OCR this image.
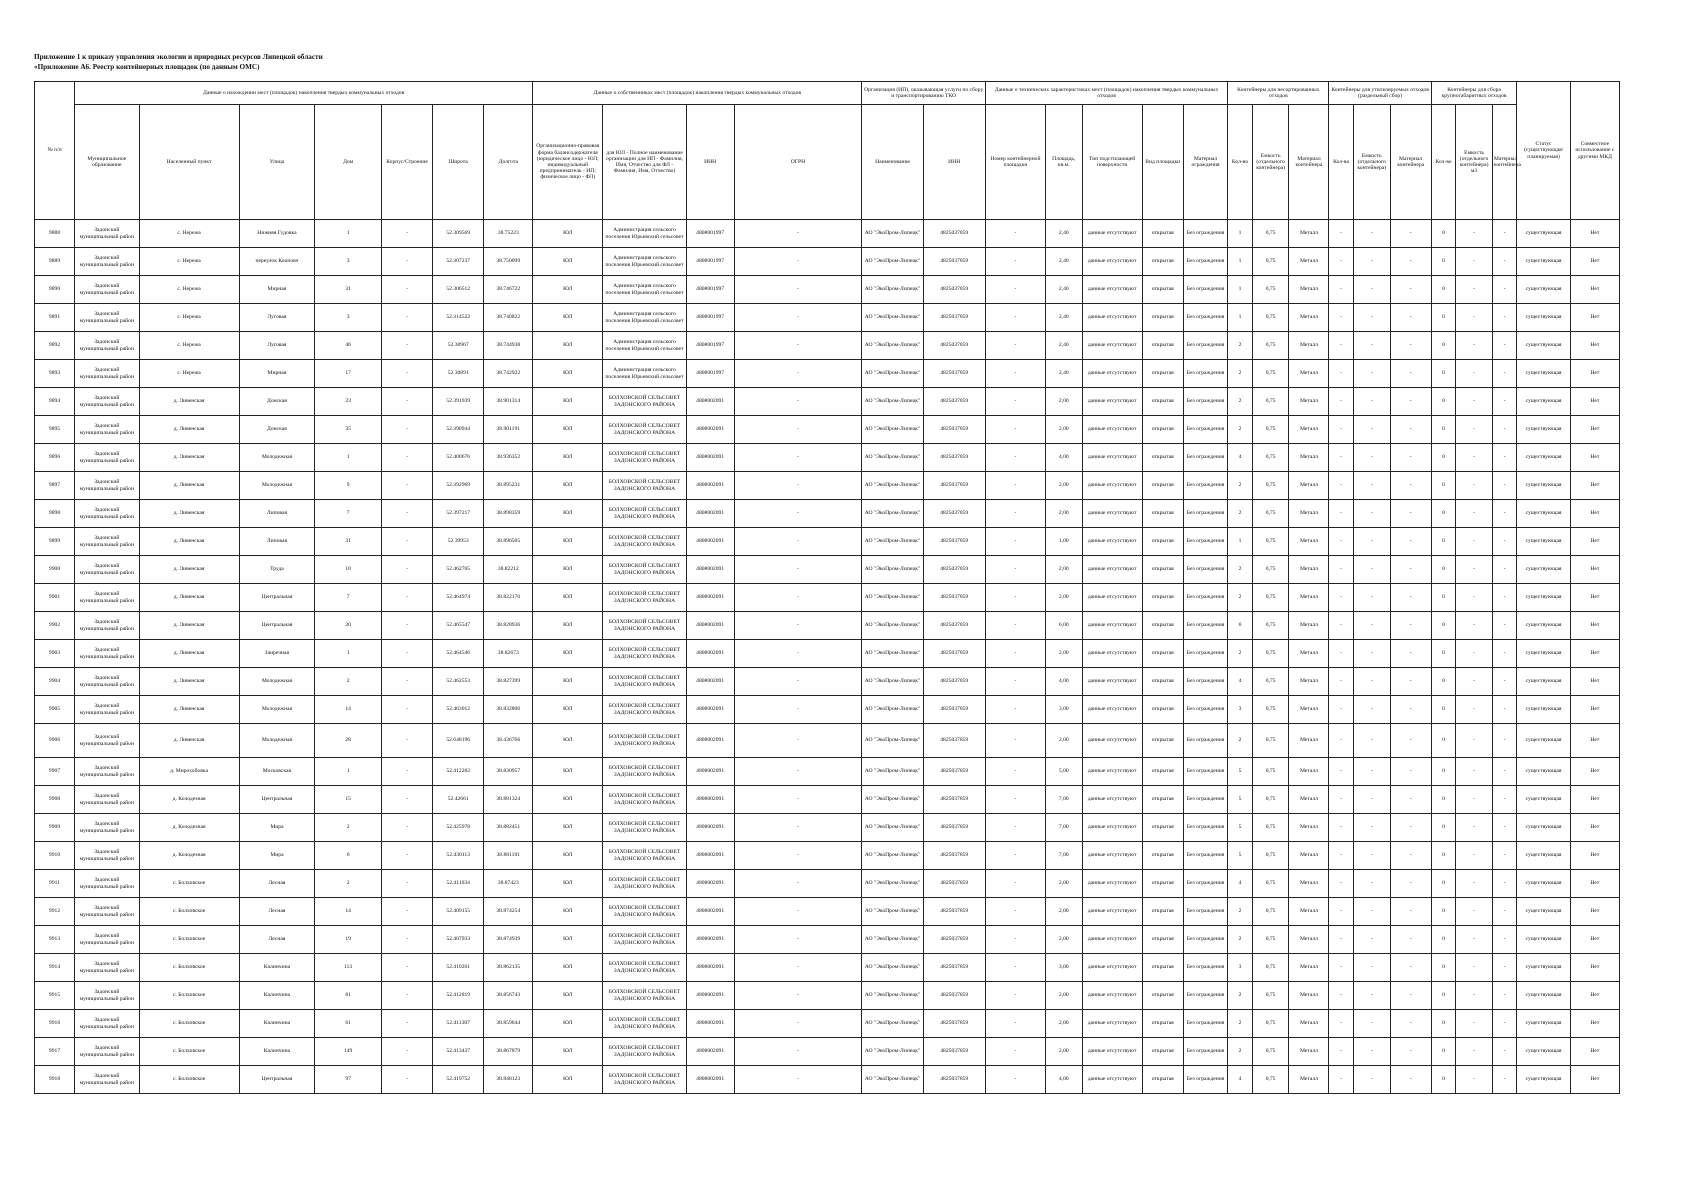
Приложение 1 к приказу управления экологии и природных ресурсов Липецкой области
«Приложение А6. Реестр контейнерных площадок (по данным ОМС)
№ п/п	Данные о нахождении мест (площадок) накопления твердых коммунальных отходов							Данные о собственниках мест (площадок) накопления твердых коммунальных отходов				Организация (ИП), оказывающая услуги по сбору и транспортированию ТКО		Данные о технических характеристиках мест (площадок) накопления твердых коммунальных отходов					Контейнеры для несортированных отходов			Контейнеры для утилизируемых отходов (раздельный сбор)			Контейнеры для сбора крупногабаритных отходов			Статус (существующая/ планируемая)	Совместное использование с другими МКД
	Муниципальное образование	Населенный пункт	Улица	Дом	Корпус/Строение	Широта	Долгота	Организационно-правовая форма балансодержателя (юридическое лицо - ЮЛ; индивидуальный предприниматель - ИП; физическое лицо - ФЛ)	для ЮЛ - Полное наименование организации для ИП - Фамилия, Имя, Отчество для ФЛ - Фамилия, Имя, Отчество)	ИНН	ОГРН	Наименование	ИНН	Номер контейнерной площадки	Площадь, кв.м.	Тип подстилающей поверхности	Вид площадки	Материал ограждения	Кол-во	Емкость (отдельного контейнера)	Материал контейнера	Кол-во	Емкость (отдельного контейнера)	Материал контейнера	Кол-во	Емкость (отдельного контейнера) м3	Материал контейнера		
9888	Задонский муниципальный район	с. Нережа	Нижняя Гудовка	1	-	52.309569	38.75223	ЮЛ	Администрация сельского поселения Юрьевский сельсовет	4808001997	-	АО "ЭкоПром-Липецк"	4825037859	-	2,40	данные отсутствуют	открытая	Без ограждения	1	0,75	Металл	-	-	-	0	-	-	существующая	Нет
9889	Задонский муниципальный район	с. Нережа	переулок Кооповч	3	-	52.307237	38.750099	ЮЛ	Администрация сельского поселения Юрьевский сельсовет	4808001997	-	АО "ЭкоПром-Липецк"	4825037859	-	2,40	данные отсутствуют	открытая	Без ограждения	1	0,75	Металл	-	-	-	0	-	-	существующая	Нет
9890	Задонский муниципальный район	с. Нережа	Мирная	31	-	52.306512	38.746722	ЮЛ	Администрация сельского поселения Юрьевский сельсовет	4808001997	-	АО "ЭкоПром-Липецк"	4825037859	-	2,40	данные отсутствуют	открытая	Без ограждения	1	0,75	Металл	-	-	-	0	-	-	существующая	Нет
9891	Задонский муниципальный район	с. Нережа	Луговая	3	-	52.314522	38.740822	ЮЛ	Администрация сельского поселения Юрьевский сельсовет	4808001997	-	АО "ЭкоПром-Липецк"	4825037859	-	2,40	данные отсутствуют	открытая	Без ограждения	1	0,75	Металл	-	-	-	0	-	-	существующая	Нет
9892	Задонский муниципальный район	с. Нережа	Луговая	46	-	52.30967	38.744938	ЮЛ	Администрация сельского поселения Юрьевский сельсовет	4808001997	-	АО "ЭкоПром-Липецк"	4825037859	-	2,40	данные отсутствуют	открытая	Без ограждения	2	0,75	Металл	-	-	-	0	-	-	существующая	Нет
9893	Задонский муниципальный район	с. Нережа	Мирная	17	-	52.30891	38.742922	ЮЛ	Администрация сельского поселения Юрьевский сельсовет	4808001997	-	АО "ЭкоПром-Липецк"	4825037859	-	2,40	данные отсутствуют	открытая	Без ограждения	2	0,75	Металл	-	-	-	0	-	-	существующая	Нет
9894	Задонский муниципальный район	д. Ливенская	Донская	23	-	52.391939	38.901314	ЮЛ	БОЛХОВСКОЙ СЕЛЬСОВЕТ ЗАДОНСКОГО РАЙОНА	4808002091	-	АО "ЭкоПром-Липецк"	4825037859	-	2,00	данные отсутствуют	открытая	Без ограждения	2	0,75	Металл	-	-	-	0	-	-	существующая	Нет
9895	Задонский муниципальный район	д. Ливенская	Донская	35	-	52.390944	38.901191	ЮЛ	БОЛХОВСКОЙ СЕЛЬСОВЕТ ЗАДОНСКОГО РАЙОНА	4808002091	-	АО "ЭкоПром-Липецк"	4825037859	-	2,00	данные отсутствуют	открытая	Без ограждения	2	0,75	Металл	-	-	-	0	-	-	существующая	Нет
9896	Задонский муниципальный район	д. Ливенская	Молодежная	1	-	52.400676	38.936352	ЮЛ	БОЛХОВСКОЙ СЕЛЬСОВЕТ ЗАДОНСКОГО РАЙОНА	4808002091	-	АО "ЭкоПром-Липецк"	4825037859	-	4,00	данные отсутствуют	открытая	Без ограждения	4	0,75	Металл	-	-	-	0	-	-	существующая	Нет
9897	Задонский муниципальный район	д. Ливенская	Молодежная	9	-	52.392969	38.895231	ЮЛ	БОЛХОВСКОЙ СЕЛЬСОВЕТ ЗАДОНСКОГО РАЙОНА	4808002091	-	АО "ЭкоПром-Липецк"	4825037859	-	2,00	данные отсутствуют	открытая	Без ограждения	2	0,75	Металл	-	-	-	0	-	-	существующая	Нет
9898	Задонский муниципальный район	д. Ливенская	Липовая	7	-	52.397217	38.898359	ЮЛ	БОЛХОВСКОЙ СЕЛЬСОВЕТ ЗАДОНСКОГО РАЙОНА	4808002091	-	АО "ЭкоПром-Липецк"	4825037859	-	2,00	данные отсутствуют	открытая	Без ограждения	2	0,75	Металл	-	-	-	0	-	-	существующая	Нет
9899	Задонский муниципальный район	д. Ливенская	Липовая	31	-	52.39953	38.896505	ЮЛ	БОЛХОВСКОЙ СЕЛЬСОВЕТ ЗАДОНСКОГО РАЙОНА	4808002091	-	АО "ЭкоПром-Липецк"	4825037859	-	1,00	данные отсутствуют	открытая	Без ограждения	1	0,75	Металл	-	-	-	0	-	-	существующая	Нет
9900	Задонский муниципальный район	д. Ливенская	Труда	10	-	52.462765	38.82212	ЮЛ	БОЛХОВСКОЙ СЕЛЬСОВЕТ ЗАДОНСКОГО РАЙОНА	4808002091	-	АО "ЭкоПром-Липецк"	4825037859	-	2,00	данные отсутствуют	открытая	Без ограждения	2	0,75	Металл	-	-	-	0	-	-	существующая	Нет
9901	Задонский муниципальный район	д. Ливенская	Центральная	7	-	52.464974	38.822176	ЮЛ	БОЛХОВСКОЙ СЕЛЬСОВЕТ ЗАДОНСКОГО РАЙОНА	4808002091	-	АО "ЭкоПром-Липецк"	4825037859	-	2,00	данные отсутствуют	открытая	Без ограждения	2	0,75	Металл	-	-	-	0	-	-	существующая	Нет
9902	Задонский муниципальный район	д. Ливенская	Центральная	20	-	52.465547	38.828936	ЮЛ	БОЛХОВСКОЙ СЕЛЬСОВЕТ ЗАДОНСКОГО РАЙОНА	4808002091	-	АО "ЭкоПром-Липецк"	4825037859	-	6,00	данные отсутствуют	открытая	Без ограждения	6	0,75	Металл	-	-	-	0	-	-	существующая	Нет
9903	Задонский муниципальный район	д. Ливенская	Заиречная	1	-	52.464546	38.82673	ЮЛ	БОЛХОВСКОЙ СЕЛЬСОВЕТ ЗАДОНСКОГО РАЙОНА	4808002091	-	АО "ЭкоПром-Липецк"	4825037859	-	2,00	данные отсутствуют	открытая	Без ограждения	2	0,75	Металл	-	-	-	0	-	-	существующая	Нет
9904	Задонский муниципальный район	д. Ливенская	Молодежная	2	-	52.462553	38.827399	ЮЛ	БОЛХОВСКОЙ СЕЛЬСОВЕТ ЗАДОНСКОГО РАЙОНА	4808002091	-	АО "ЭкоПром-Липецк"	4825037859	-	4,00	данные отсутствуют	открытая	Без ограждения	4	0,75	Металл	-	-	-	0	-	-	существующая	Нет
9905	Задонский муниципальный район	д. Ливенская	Молодежная	14	-	52.463012	38.832806	ЮЛ	БОЛХОВСКОЙ СЕЛЬСОВЕТ ЗАДОНСКОГО РАЙОНА	4808002091	-	АО "ЭкоПром-Липецк"	4825037859	-	3,00	данные отсутствуют	открытая	Без ограждения	3	0,75	Металл	-	-	-	0	-	-	существующая	Нет
9906	Задонский муниципальный район	д. Ливенская	Молодежная	28	-	52.648196	38.436766	ЮЛ	БОЛХОВСКОЙ СЕЛЬСОВЕТ ЗАДОНСКОГО РАЙОНА	4808002091	-	АО "ЭкоПром-Липецк"	4825037859	-	2,00	данные отсутствуют	открытая	Без ограждения	2	0,75	Металл	-	-	-	0	-	-	существующая	Нет
9907	Задонский муниципальный район	д. Мирохобовка	Московская	1	-	52.412282	38.830957	ЮЛ	БОЛХОВСКОЙ СЕЛЬСОВЕТ ЗАДОНСКОГО РАЙОНА	4808002091	-	АО "ЭкоПром-Липецк"	4825037859	-	5,00	данные отсутствуют	открытая	Без ограждения	5	0,75	Металл	-	-	-	0	-	-	существующая	Нет
9908	Задонский муниципальный район	д. Колодезная	Центральная	15	-	52.42661	38.881324	ЮЛ	БОЛХОВСКОЙ СЕЛЬСОВЕТ ЗАДОНСКОГО РАЙОНА	4808002091	-	АО "ЭкоПром-Липецк"	4825037859	-	7,00	данные отсутствуют	открытая	Без ограждения	5	0,75	Металл	-	-	-	0	-	-	существующая	Нет
9909	Задонский муниципальный район	д. Колодезная	Мира	2	-	52.425978	38.882451	ЮЛ	БОЛХОВСКОЙ СЕЛЬСОВЕТ ЗАДОНСКОГО РАЙОНА	4808002091	-	АО "ЭкоПром-Липецк"	4825037859	-	7,00	данные отсутствуют	открытая	Без ограждения	5	0,75	Металл	-	-	-	0	-	-	существующая	Нет
9910	Задонский муниципальный район	д. Колодезная	Мира	6	-	52.430113	38.881101	ЮЛ	БОЛХОВСКОЙ СЕЛЬСОВЕТ ЗАДОНСКОГО РАЙОНА	4808002091	-	АО "ЭкоПром-Липецк"	4825037859	-	7,00	данные отсутствуют	открытая	Без ограждения	5	0,75	Металл	-	-	-	0	-	-	существующая	Нет
9911	Задонский муниципальный район	с. Болховское	Лесная	2	-	52.411034	38.87423	ЮЛ	БОЛХОВСКОЙ СЕЛЬСОВЕТ ЗАДОНСКОГО РАЙОНА	4808002091	-	АО "ЭкоПром-Липецк"	4825037859	-	2,00	данные отсутствуют	открытая	Без ограждения	4	0,75	Металл	-	-	-	0	-	-	существующая	Нет
9912	Задонский муниципальный район	с. Болховское	Лесная	14	-	52.409155	38.874254	ЮЛ	БОЛХОВСКОЙ СЕЛЬСОВЕТ ЗАДОНСКОГО РАЙОНА	4808002091	-	АО "ЭкоПром-Липецк"	4825037859	-	2,00	данные отсутствуют	открытая	Без ограждения	2	0,75	Металл	-	-	-	0	-	-	существующая	Нет
9913	Задонский муниципальный район	с. Болховское	Лесная	19	-	52.407933	38.874939	ЮЛ	БОЛХОВСКОЙ СЕЛЬСОВЕТ ЗАДОНСКОГО РАЙОНА	4808002091	-	АО "ЭкоПром-Липецк"	4825037859	-	2,00	данные отсутствуют	открытая	Без ограждения	2	0,75	Металл	-	-	-	0	-	-	существующая	Нет
9914	Задонский муниципальный район	с. Болховское	Калинчина	113	-	52.410261	38.862135	ЮЛ	БОЛХОВСКОЙ СЕЛЬСОВЕТ ЗАДОНСКОГО РАЙОНА	4808002091	-	АО "ЭкоПром-Липецк"	4825037859	-	3,00	данные отсутствуют	открытая	Без ограждения	3	0,75	Металл	-	-	-	0	-	-	существующая	Нет
9915	Задонский муниципальный район	с. Болховское	Калинчина	81	-	52.412819	38.856743	ЮЛ	БОЛХОВСКОЙ СЕЛЬСОВЕТ ЗАДОНСКОГО РАЙОНА	4808002091	-	АО "ЭкоПром-Липецк"	4825037859	-	2,00	данные отсутствуют	открытая	Без ограждения	2	0,75	Металл	-	-	-	0	-	-	существующая	Нет
9916	Задонский муниципальный район	с. Болховское	Калинчина	61	-	52.411307	38.859644	ЮЛ	БОЛХОВСКОЙ СЕЛЬСОВЕТ ЗАДОНСКОГО РАЙОНА	4808002091	-	АО "ЭкоПром-Липецк"	4825037859	-	2,00	данные отсутствуют	открытая	Без ограждения	2	0,75	Металл	-	-	-	0	-	-	существующая	Нет
9917	Задонский муниципальный район	с. Болховское	Калинчина	149	-	52.413437	38.867879	ЮЛ	БОЛХОВСКОЙ СЕЛЬСОВЕТ ЗАДОНСКОГО РАЙОНА	4808002091	-	АО "ЭкоПром-Липецк"	4825037859	-	2,00	данные отсутствуют	открытая	Без ограждения	2	0,75	Металл	-	-	-	0	-	-	существующая	Нет
9918	Задонский муниципальный район	с. Болховское	Центральная	97	-	52.419752	38.848123	ЮЛ	БОЛХОВСКОЙ СЕЛЬСОВЕТ ЗАДОНСКОГО РАЙОНА	4808002091	-	АО "ЭкоПром-Липецк"	4825037859	-	4,00	данные отсутствуют	открытая	Без ограждения	4	0,75	Металл	-	-	-	0	-	-	существующая	Нет
